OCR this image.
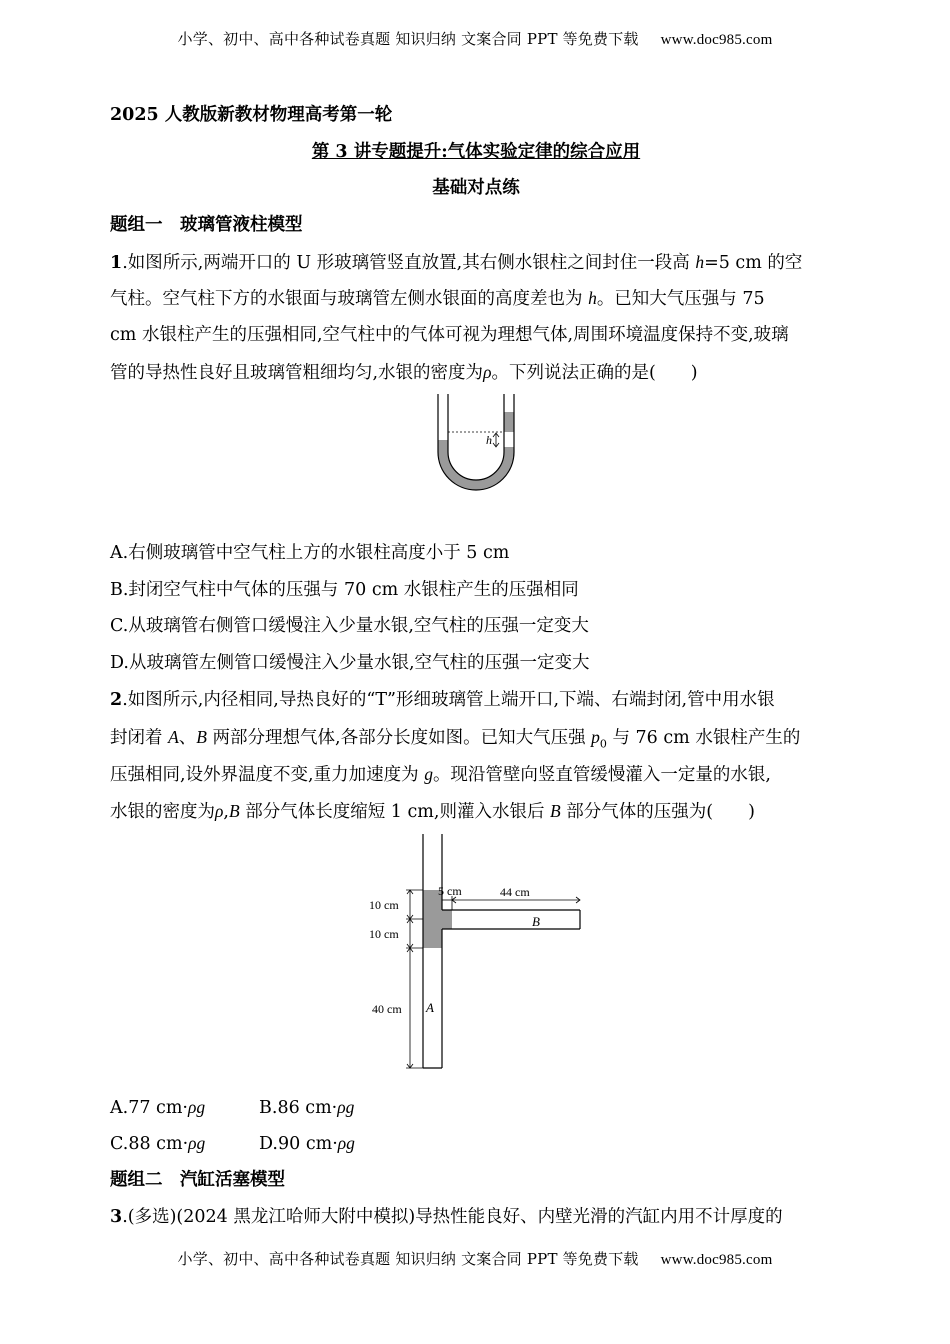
小学、初中、高中各种试卷真题 知识归纳 文案合同 PPT 等免费下载 www.doc985.com
2025 人教版新教材物理高考第一轮
第 3 讲专题提升:气体实验定律的综合应用
基础对点练
题组一　玻璃管液柱模型
1.如图所示,两端开口的 U 形玻璃管竖直放置,其右侧水银柱之间封住一段高 h=5 cm 的空
气柱。空气柱下方的水银面与玻璃管左侧水银面的高度差也为 h。已知大气压强与 75
cm 水银柱产生的压强相同,空气柱中的气体可视为理想气体,周围环境温度保持不变,玻璃
管的导热性良好且玻璃管粗细均匀,水银的密度为ρ。下列说法正确的是(　　)
h
A.右侧玻璃管中空气柱上方的水银柱高度小于 5 cm
B.封闭空气柱中气体的压强与 70 cm 水银柱产生的压强相同
C.从玻璃管右侧管口缓慢注入少量水银,空气柱的压强一定变大
D.从玻璃管左侧管口缓慢注入少量水银,空气柱的压强一定变大
2.如图所示,内径相同,导热良好的“T”形细玻璃管上端开口,下端、右端封闭,管中用水银
封闭着 A、B 两部分理想气体,各部分长度如图。已知大气压强 $p_0$ 与 76 cm 水银柱产生的
压强相同,设外界温度不变,重力加速度为 g。现沿管壁向竖直管缓慢灌入一定量的水银,
水银的密度为ρ,B 部分气体长度缩短 1 cm,则灌入水银后 B 部分气体的压强为(　　)
10 cm
10 cm
40 cm
5 cm	44 cm
B
A
A.77 cm·ρg	B.86 cm·ρg
C.88 cm·ρg	D.90 cm·ρg
题组二　汽缸活塞模型
3.(多选)(2024 黑龙江哈师大附中模拟)导热性能良好、内壁光滑的汽缸内用不计厚度的
小学、初中、高中各种试卷真题 知识归纳 文案合同 PPT 等免费下载 www.doc985.com
